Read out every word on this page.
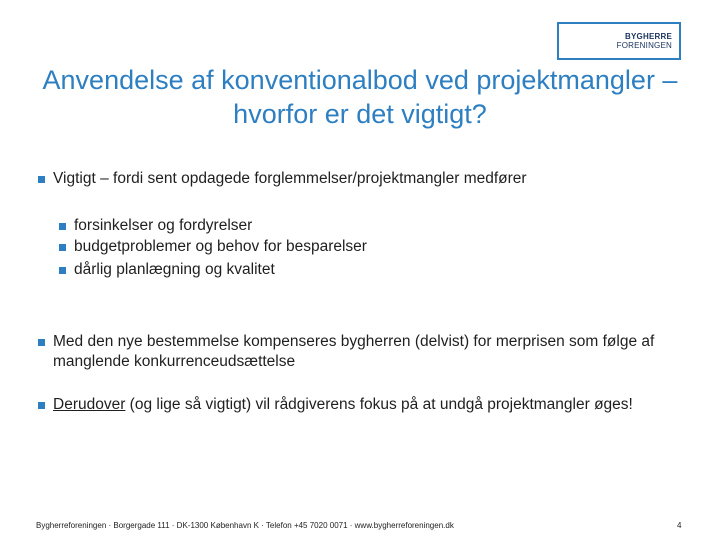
BYGHERRE
FORENINGEN
Anvendelse af konventionalbod ved projektmangler – hvorfor er det vigtigt?
Vigtigt – fordi sent opdagede forglemmelser/projektmangler medfører
forsinkelser og fordyrelser
budgetproblemer og behov for besparelser
dårlig planlægning og kvalitet
Med den nye bestemmelse kompenseres bygherren (delvist) for merprisen som følge af
manglende konkurrenceudsættelse
Derudover (og lige så vigtigt) vil rådgiverens fokus på at undgå projektmangler øges!
Bygherreforeningen · Borgergade 111 · DK-1300 København K · Telefon +45 7020 0071 · www.bygherreforeningen.dk	4
